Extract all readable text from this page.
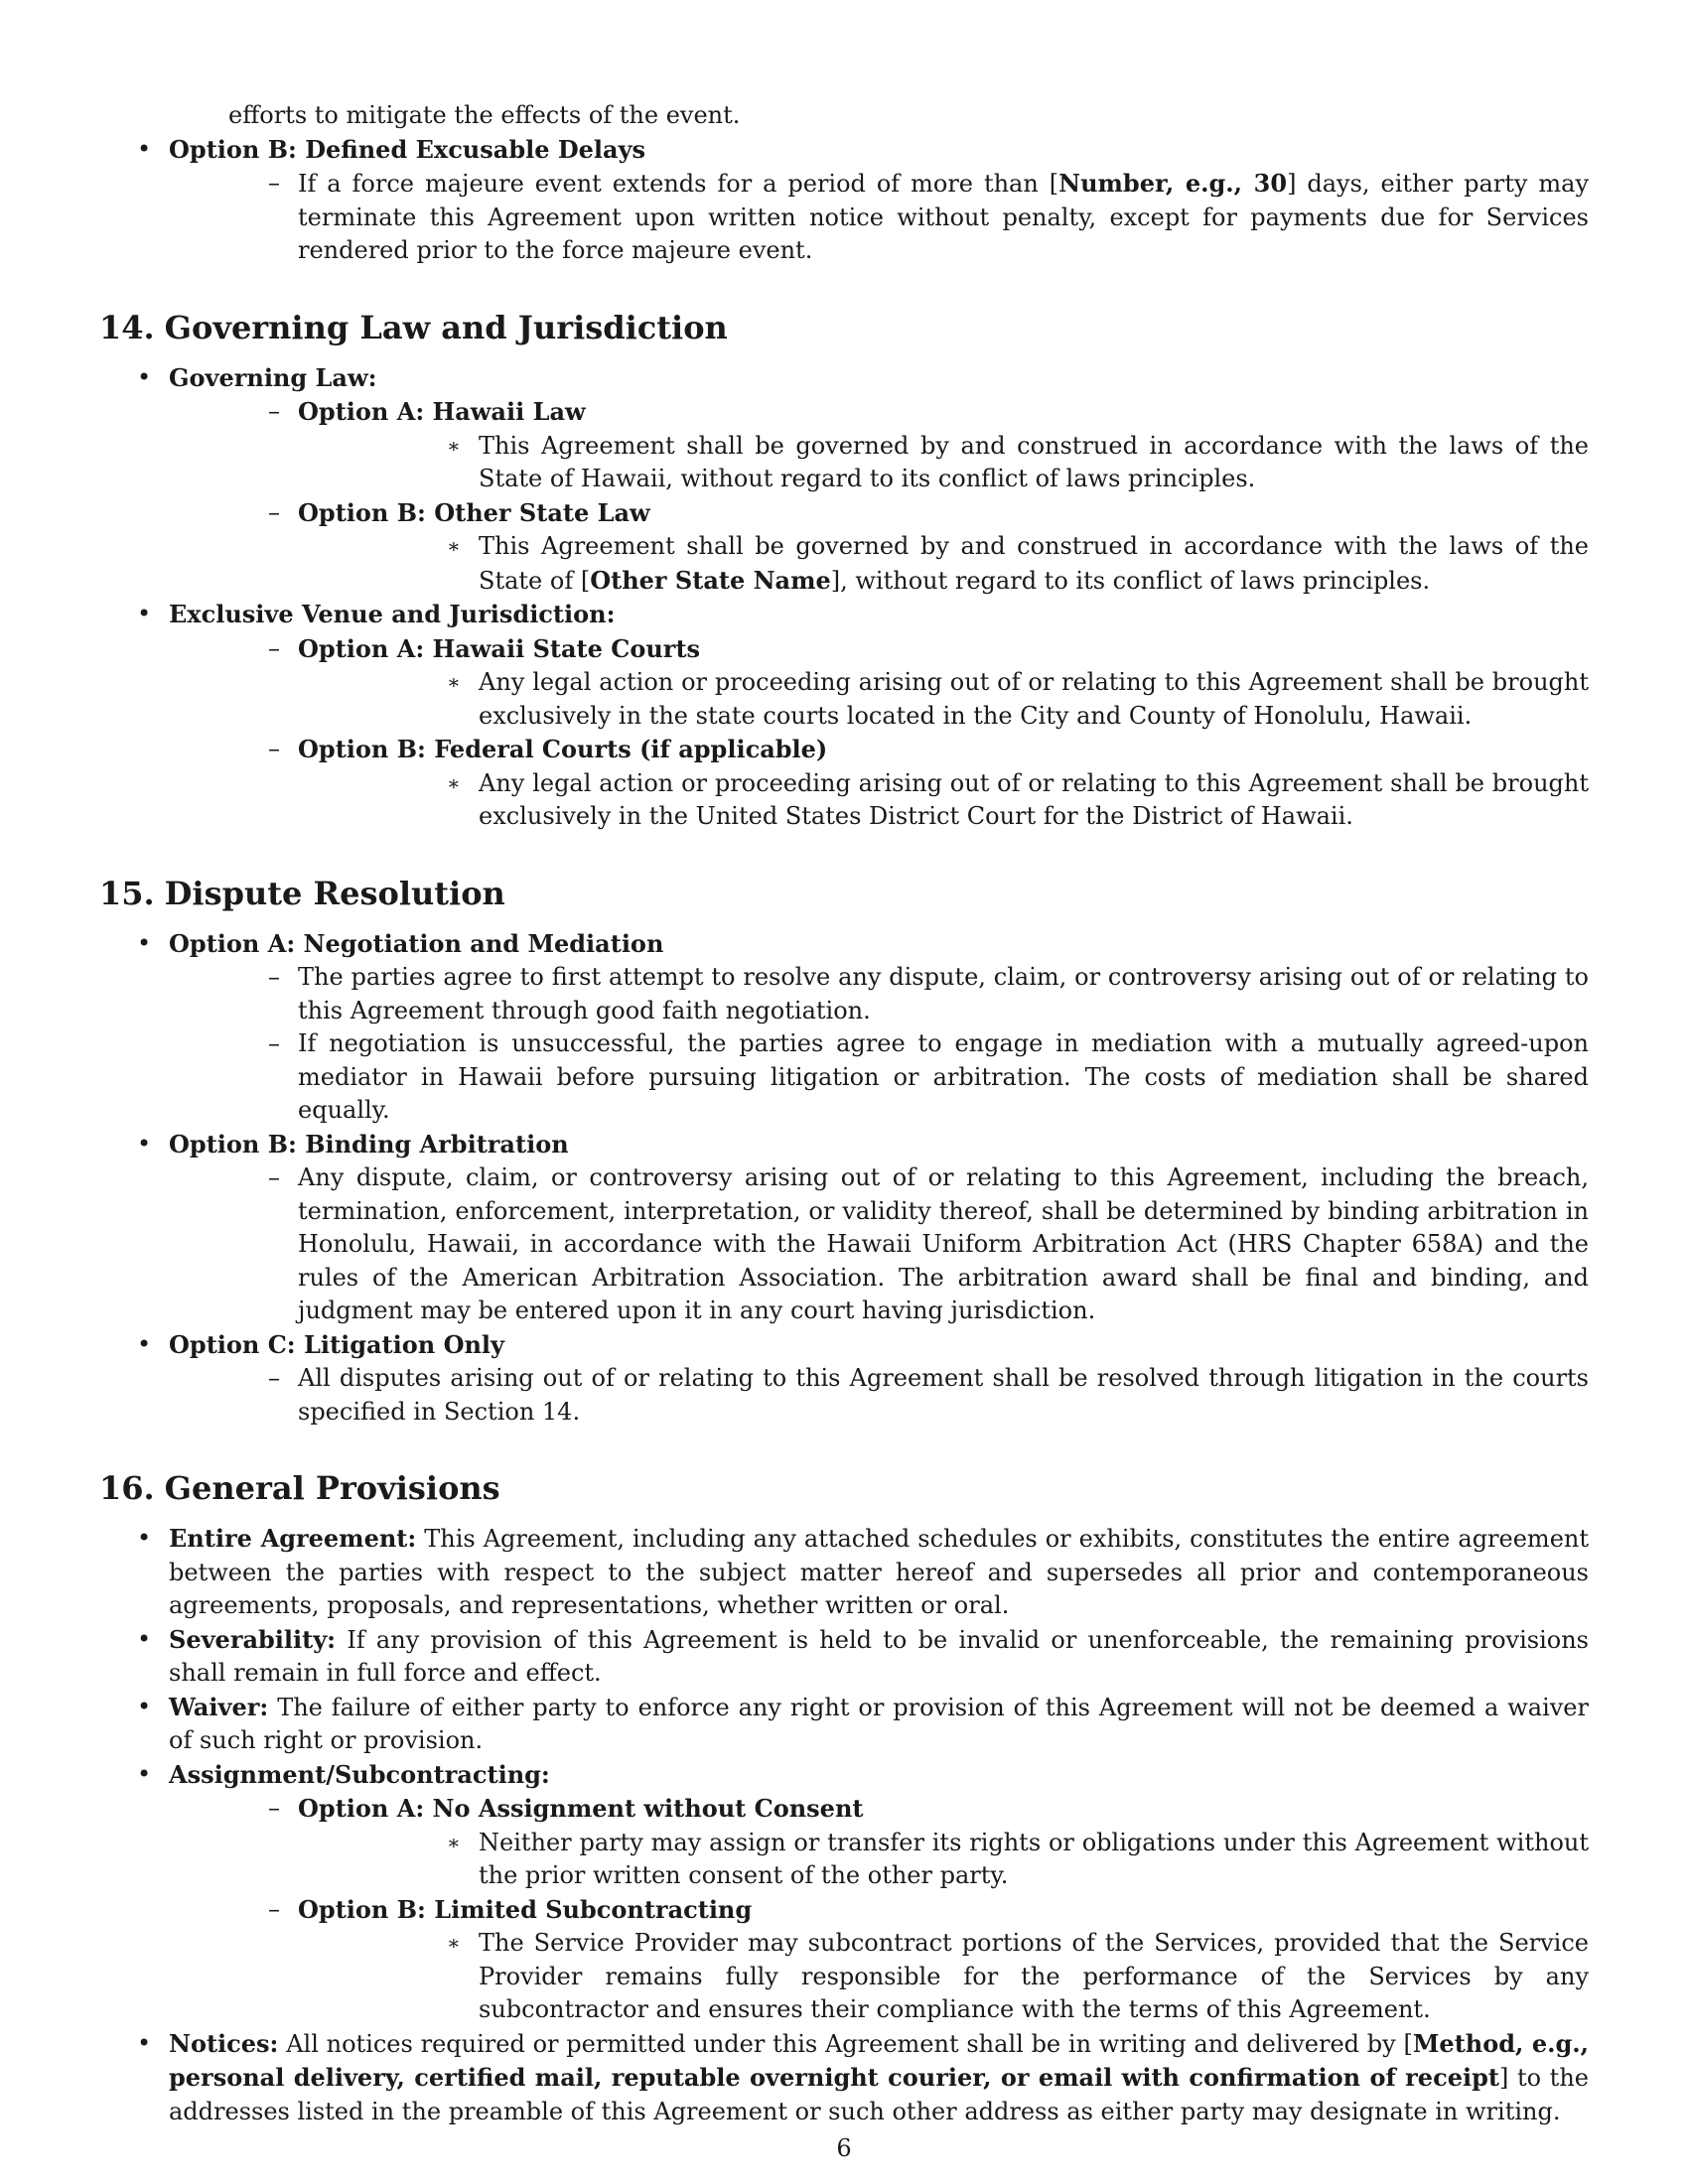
efforts to mitigate the effects of the event.
• Option B: Defined Excusable Delays
– If a force majeure event extends for a period of more than [Number, e.g., 30] days, either party may terminate this Agreement upon written notice without penalty, except for payments due for Services rendered prior to the force majeure event.
14. Governing Law and Jurisdiction
• Governing Law:
– Option A: Hawaii Law
∗ This Agreement shall be governed by and construed in accordance with the laws of the State of Hawaii, without regard to its conflict of laws principles.
– Option B: Other State Law
∗ This Agreement shall be governed by and construed in accordance with the laws of the State of [Other State Name], without regard to its conflict of laws principles.
• Exclusive Venue and Jurisdiction:
– Option A: Hawaii State Courts
∗ Any legal action or proceeding arising out of or relating to this Agreement shall be brought exclusively in the state courts located in the City and County of Honolulu, Hawaii.
– Option B: Federal Courts (if applicable)
∗ Any legal action or proceeding arising out of or relating to this Agreement shall be brought exclusively in the United States District Court for the District of Hawaii.
15. Dispute Resolution
• Option A: Negotiation and Mediation
– The parties agree to first attempt to resolve any dispute, claim, or controversy arising out of or relating to this Agreement through good faith negotiation.
– If negotiation is unsuccessful, the parties agree to engage in mediation with a mutually agreed-upon mediator in Hawaii before pursuing litigation or arbitration. The costs of mediation shall be shared equally.
• Option B: Binding Arbitration
– Any dispute, claim, or controversy arising out of or relating to this Agreement, including the breach, termination, enforcement, interpretation, or validity thereof, shall be determined by binding arbitration in Honolulu, Hawaii, in accordance with the Hawaii Uniform Arbitration Act (HRS Chapter 658A) and the rules of the American Arbitration Association. The arbitration award shall be final and binding, and judgment may be entered upon it in any court having jurisdiction.
• Option C: Litigation Only
– All disputes arising out of or relating to this Agreement shall be resolved through litigation in the courts specified in Section 14.
16. General Provisions
• Entire Agreement: This Agreement, including any attached schedules or exhibits, constitutes the entire agreement between the parties with respect to the subject matter hereof and supersedes all prior and contemporaneous agreements, proposals, and representations, whether written or oral.
• Severability: If any provision of this Agreement is held to be invalid or unenforceable, the remaining provisions shall remain in full force and effect.
• Waiver: The failure of either party to enforce any right or provision of this Agreement will not be deemed a waiver of such right or provision.
• Assignment/Subcontracting:
– Option A: No Assignment without Consent
∗ Neither party may assign or transfer its rights or obligations under this Agreement without the prior written consent of the other party.
– Option B: Limited Subcontracting
∗ The Service Provider may subcontract portions of the Services, provided that the Service Provider remains fully responsible for the performance of the Services by any subcontractor and ensures their compliance with the terms of this Agreement.
• Notices: All notices required or permitted under this Agreement shall be in writing and delivered by [Method, e.g., personal delivery, certified mail, reputable overnight courier, or email with confirmation of receipt] to the addresses listed in the preamble of this Agreement or such other address as either party may designate in writing.
6
